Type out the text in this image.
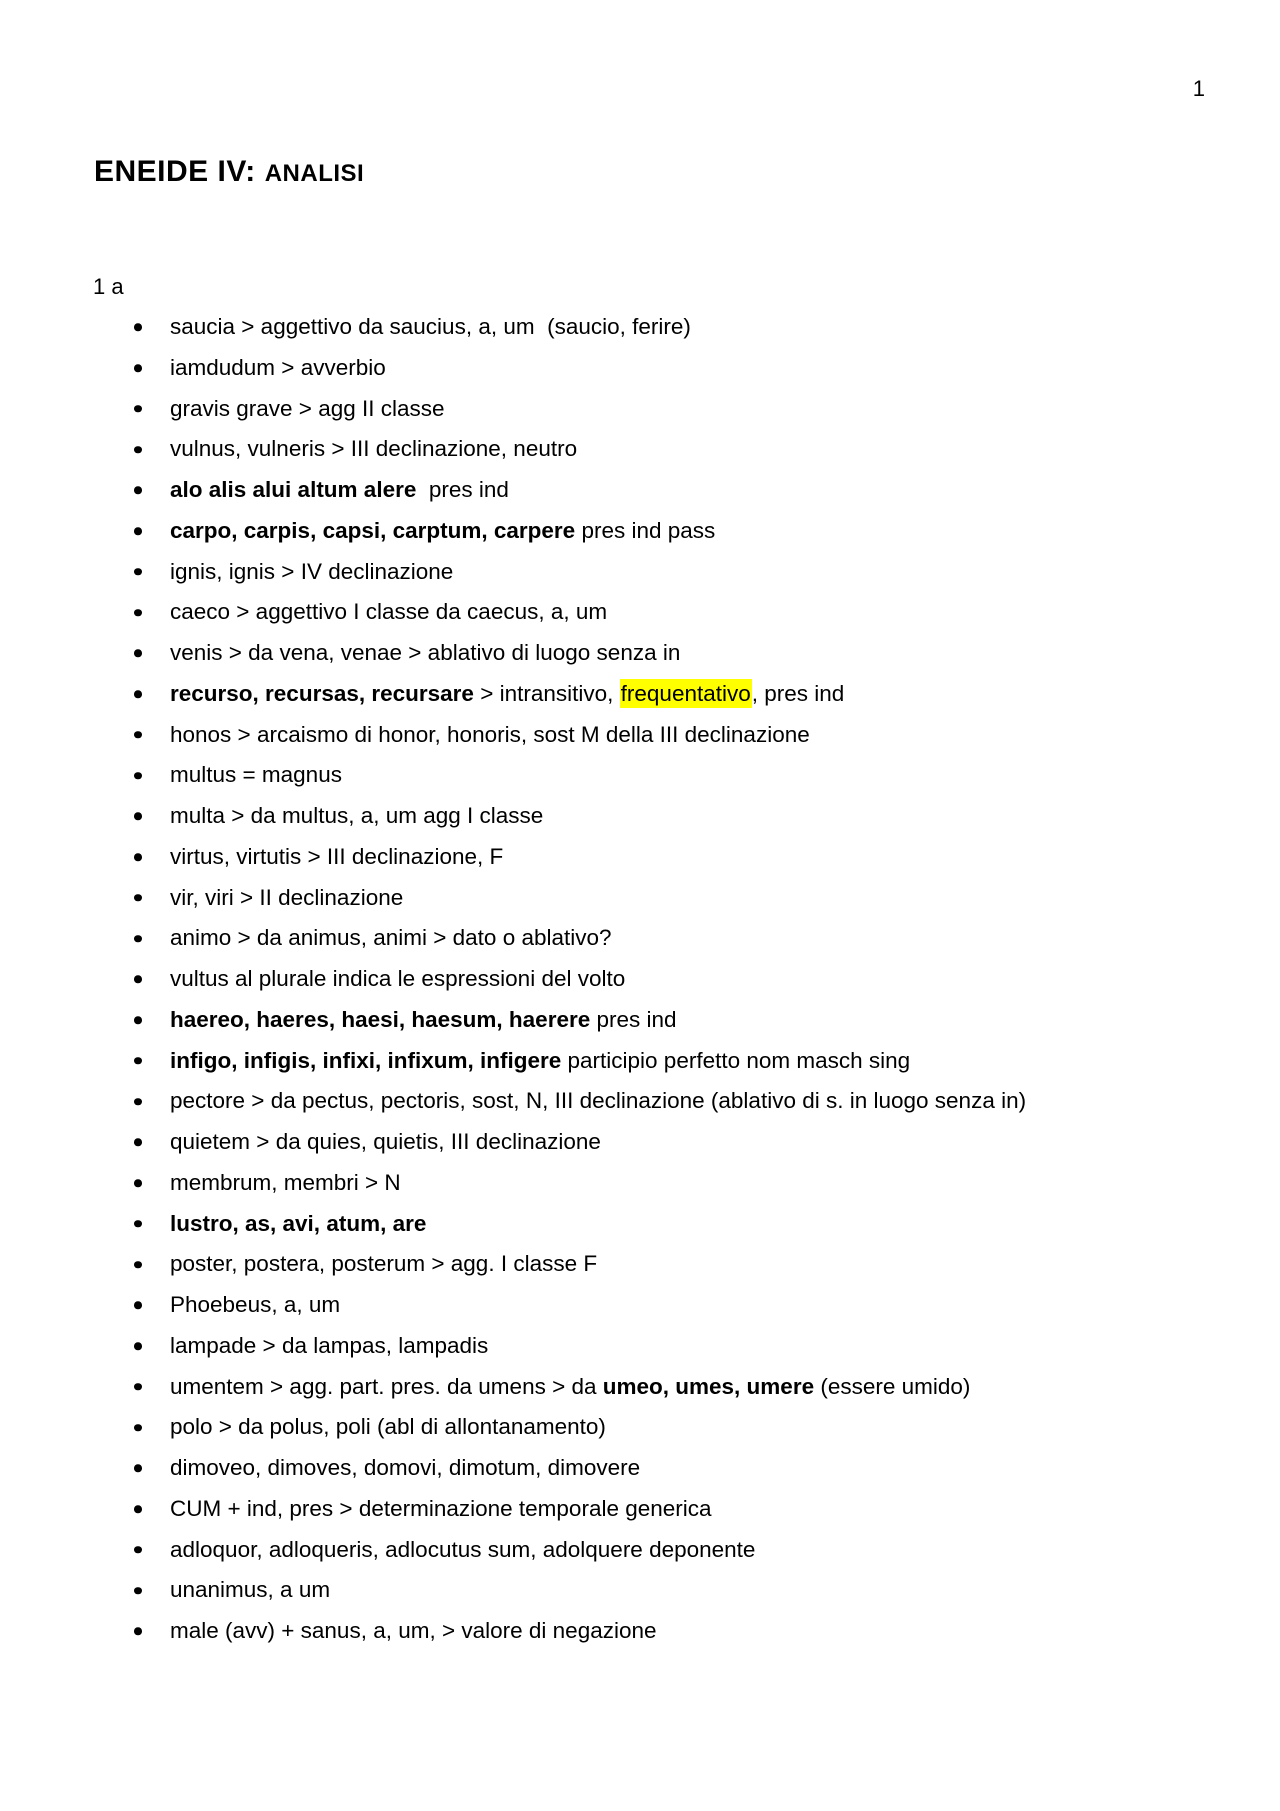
1
ENEIDE IV: ANALISI
1 a
saucia > aggettivo da saucius, a, um  (saucio, ferire)
iamdudum > avverbio
gravis grave > agg II classe
vulnus, vulneris > III declinazione, neutro
alo alis alui altum alere  pres ind
carpo, carpis, capsi, carptum, carpere pres ind pass
ignis, ignis > IV declinazione
caeco > aggettivo I classe da caecus, a, um
venis > da vena, venae > ablativo di luogo senza in
recurso, recursas, recursare > intransitivo, frequentativo, pres ind
honos > arcaismo di honor, honoris, sost M della III declinazione
multus = magnus
multa > da multus, a, um agg I classe
virtus, virtutis > III declinazione, F
vir, viri > II declinazione
animo > da animus, animi > dato o ablativo?
vultus al plurale indica le espressioni del volto
haereo, haeres, haesi, haesum, haerere pres ind
infigo, infigis, infixi, infixum, infigere participio perfetto nom masch sing
pectore > da pectus, pectoris, sost, N, III declinazione (ablativo di s. in luogo senza in)
quietem > da quies, quietis, III declinazione
membrum, membri > N
lustro, as, avi, atum, are
poster, postera, posterum > agg. I classe F
Phoebeus, a, um
lampade > da lampas, lampadis
umentem > agg. part. pres. da umens > da umeo, umes, umere (essere umido)
polo > da polus, poli (abl di allontanamento)
dimoveo, dimoves, domovi, dimotum, dimovere
CUM + ind, pres > determinazione temporale generica
adloquor, adloqueris, adlocutus sum, adolquere deponente
unanimus, a um
male (avv) + sanus, a, um, > valore di negazione
